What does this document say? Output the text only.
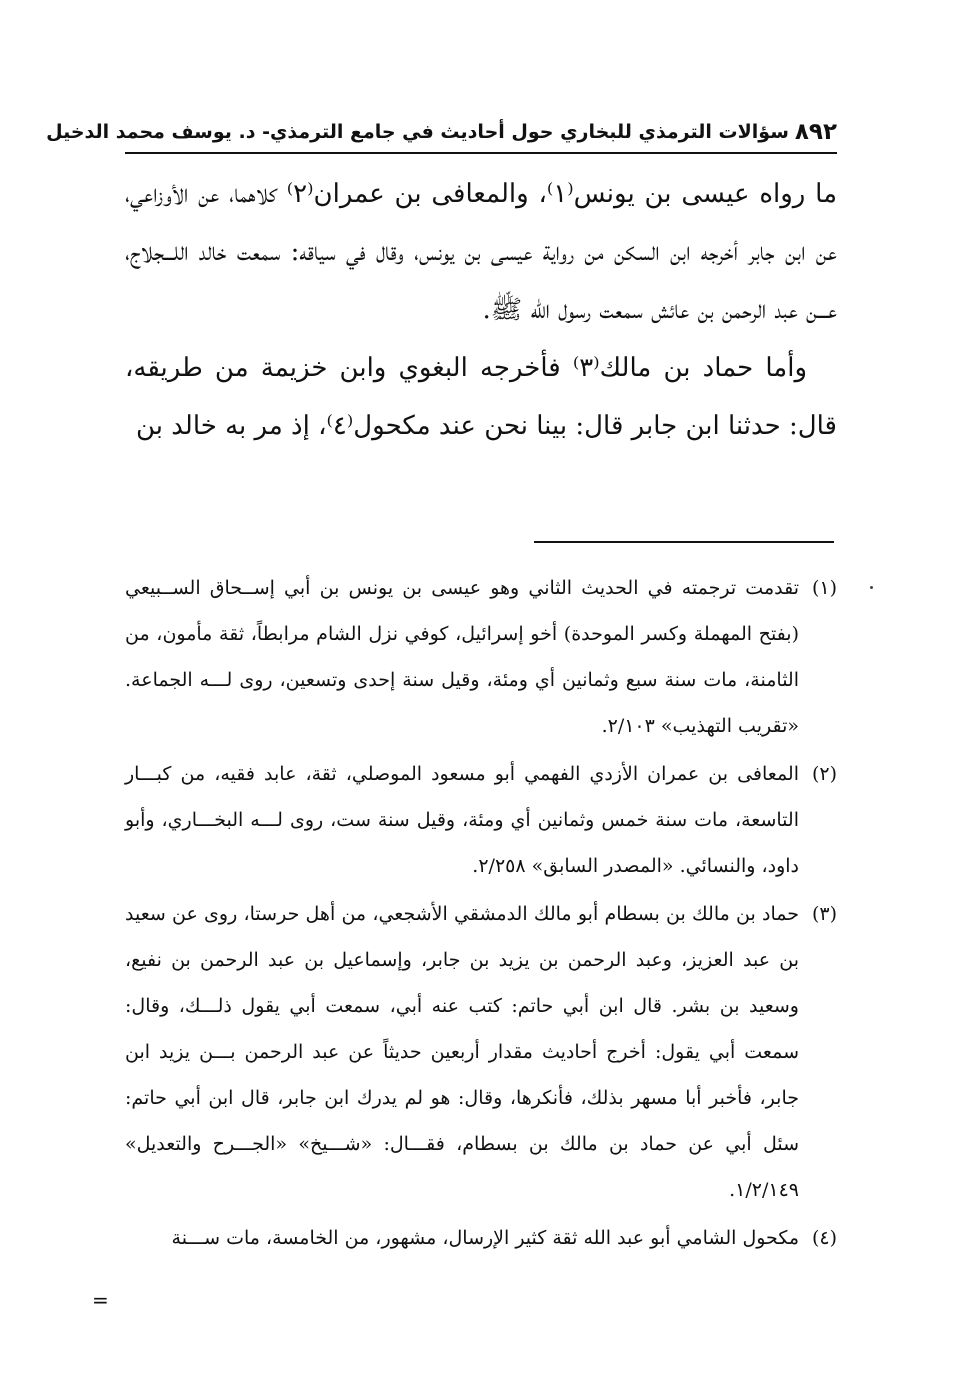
٨٩٢
سؤالات الترمذي للبخاري حول أحاديث في جامع الترمذي- د. يوسف محمد الدخيل

ما رواه عيسى بن يونس⁽١⁾، والمعافى بن عمران⁽٢⁾ كلاهما، عن الأوزاعي، عن ابن جابر أخرجه ابن السكن من رواية عيسى بن يونس، وقال في سياقه: سمعت خالد اللـــجلاج، عـــن عبد الرحمن بن عائش سمعت رسول الله ﷺ.

وأما حماد بن مالك⁽٣⁾ فأخرجه البغوي وابن خزيمة من طريقه، قال: حدثنا ابن جابر قال: بينا نحن عند مكحول⁽٤⁾، إذ مر به خالد بن

(١)
تقدمت ترجمته في الحديث الثاني وهو عيسى بن يونس بن أبي إســحاق الســبيعي (بفتح المهملة وكسر الموحدة) أخو إسرائيل، كوفي نزل الشام مرابطاً، ثقة مأمون، من الثامنة، مات سنة سبع وثمانين أي ومئة، وقيل سنة إحدى وتسعين، روى لـــه الجماعة. «تقريب التهذيب» ٢/١٠٣.

(٢)
المعافى بن عمران الأزدي الفهمي أبو مسعود الموصلي، ثقة، عابد فقيه، من كبـــار التاسعة، مات سنة خمس وثمانين أي ومئة، وقيل سنة ست، روى لـــه البخـــاري، وأبو داود، والنسائي. «المصدر السابق» ٢/٢٥٨.

(٣)
حماد بن مالك بن بسطام أبو مالك الدمشقي الأشجعي، من أهل حرستا، روى عن سعيد بن عبد العزيز، وعبد الرحمن بن يزيد بن جابر، وإسماعيل بن عبد الرحمن بن نفيع، وسعيد بن بشر. قال ابن أبي حاتم: كتب عنه أبي، سمعت أبي يقول ذلـــك، وقال: سمعت أبي يقول: أخرج أحاديث مقدار أربعين حديثاً عن عبد الرحمن بـــن يزيد ابن جابر، فأخبر أبا مسهر بذلك، فأنكرها، وقال: هو لم يدرك ابن جابر، قال ابن أبي حاتم: سئل أبي عن حماد بن مالك بن بسطام، فقـــال: «شـــيخ» «الجـــرح والتعديل» ١/٢/١٤٩.

(٤)
مكحول الشامي أبو عبد الله ثقة كثير الإرسال، مشهور، من الخامسة، مات ســـنة

=
